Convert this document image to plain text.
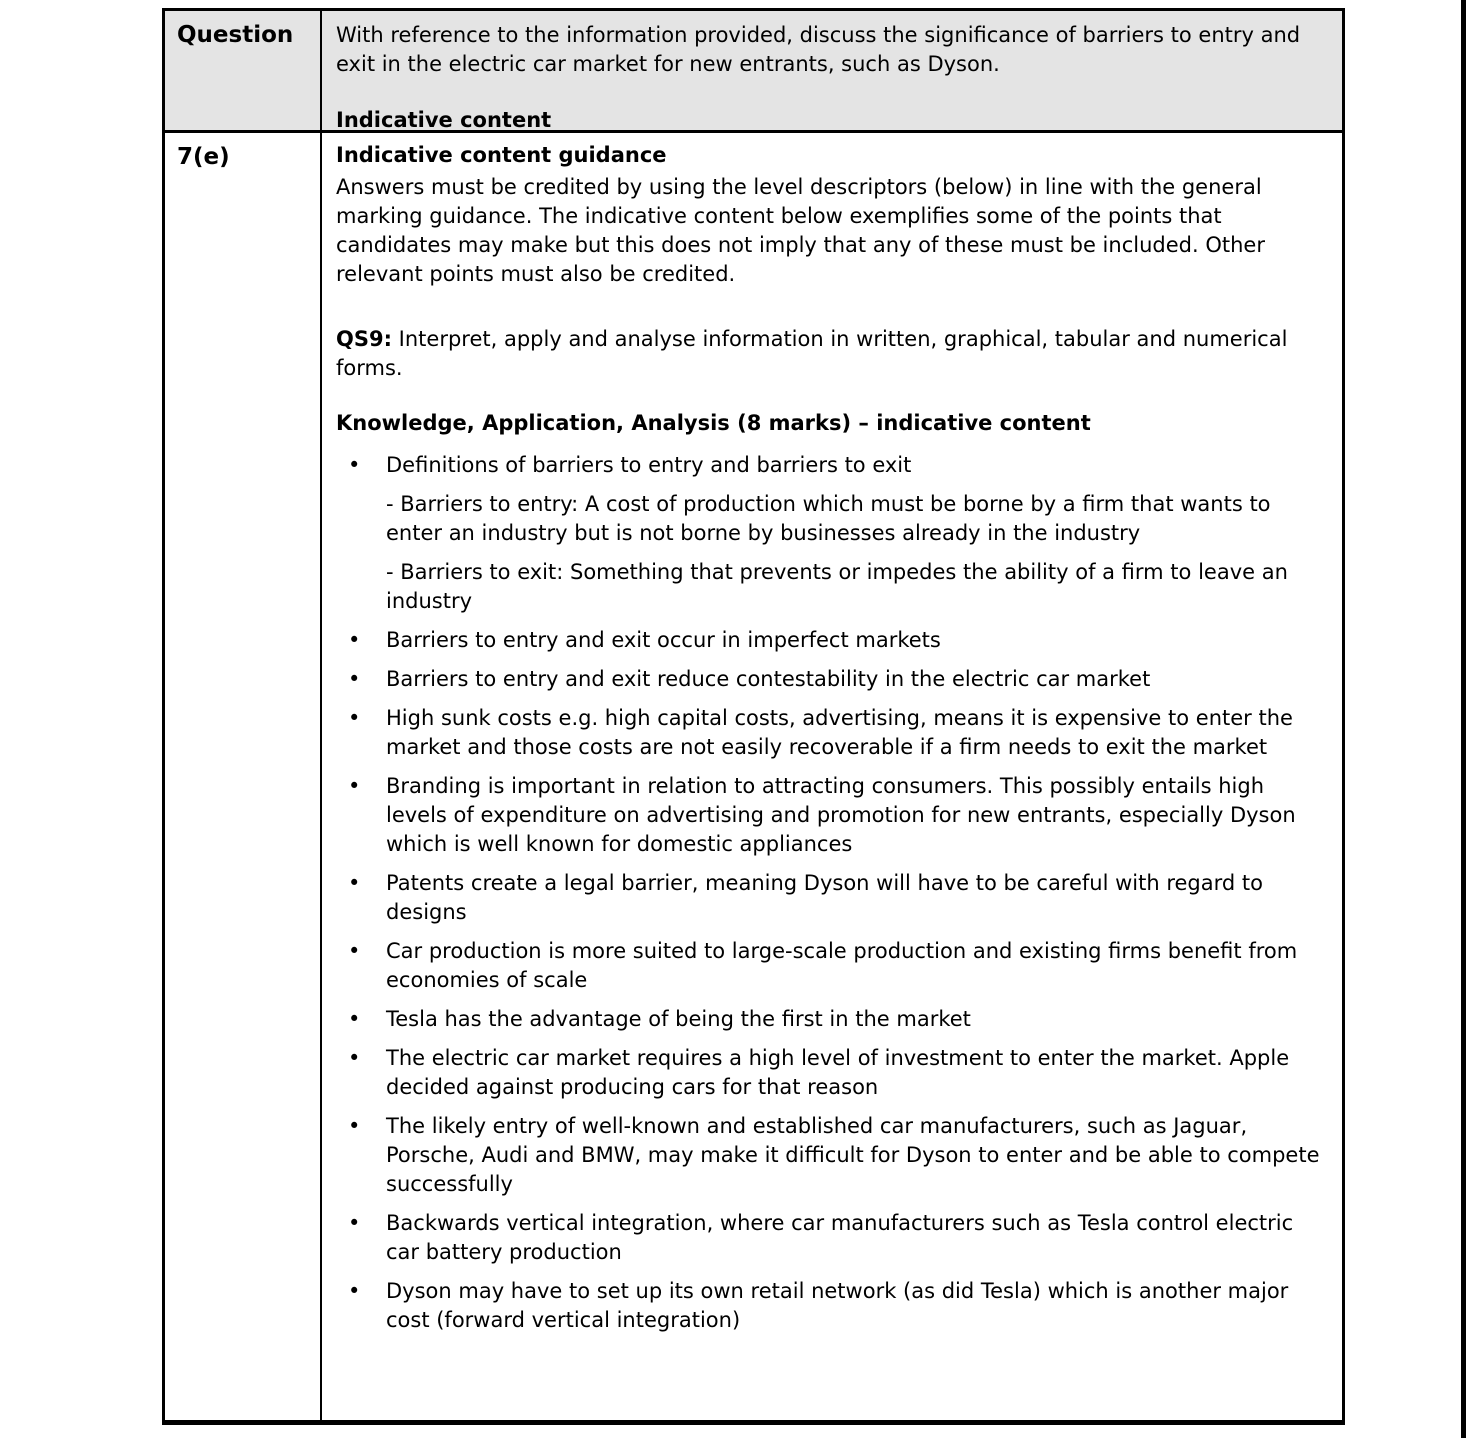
Question	With reference to the information provided, discuss the significance of barriers to entry and exit in the electric car market for new entrants, such as Dyson.
Indicative content
7(e)	Indicative content guidance
Answers must be credited by using the level descriptors (below) in line with the general marking guidance. The indicative content below exemplifies some of the points that candidates may make but this does not imply that any of these must be included. Other relevant points must also be credited.
QS9: Interpret, apply and analyse information in written, graphical, tabular and numerical forms.
Knowledge, Application, Analysis (8 marks) – indicative content
• Definitions of barriers to entry and barriers to exit
- Barriers to entry: A cost of production which must be borne by a firm that wants to enter an industry but is not borne by businesses already in the industry
- Barriers to exit: Something that prevents or impedes the ability of a firm to leave an industry
• Barriers to entry and exit occur in imperfect markets
• Barriers to entry and exit reduce contestability in the electric car market
• High sunk costs e.g. high capital costs, advertising, means it is expensive to enter the market and those costs are not easily recoverable if a firm needs to exit the market
• Branding is important in relation to attracting consumers. This possibly entails high levels of expenditure on advertising and promotion for new entrants, especially Dyson which is well known for domestic appliances
• Patents create a legal barrier, meaning Dyson will have to be careful with regard to designs
• Car production is more suited to large-scale production and existing firms benefit from economies of scale
• Tesla has the advantage of being the first in the market
• The electric car market requires a high level of investment to enter the market. Apple decided against producing cars for that reason
• The likely entry of well-known and established car manufacturers, such as Jaguar, Porsche, Audi and BMW, may make it difficult for Dyson to enter and be able to compete successfully
• Backwards vertical integration, where car manufacturers such as Tesla control electric car battery production
• Dyson may have to set up its own retail network (as did Tesla) which is another major cost (forward vertical integration)
